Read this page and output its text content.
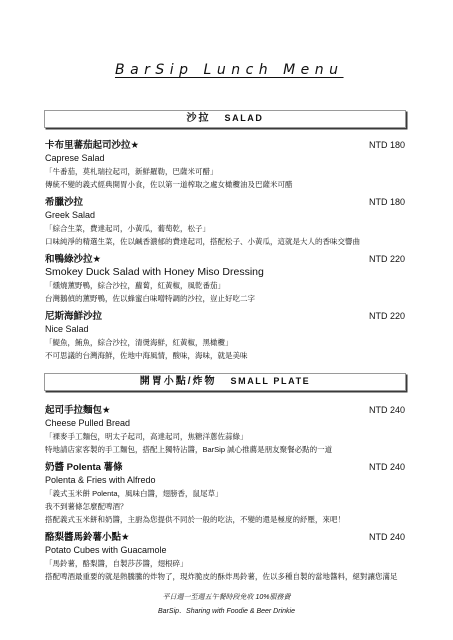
BarSip Lunch Menu
沙拉 SALAD
卡布里蕃茄起司沙拉★	NTD 180
Caprese Salad
「牛番茄，莫札瑞拉起司，新鮮羅勒，巴薩米可醋」
傳統不變的義式經典開胃小食，佐以第一道榨取之處女橄欖油及巴薩米可醋
希臘沙拉	NTD 180
Greek Salad
「綜合生菜，費達起司，小黃瓜，葡萄乾，松子」
口味純淨的精選生菜，佐以鹹香濃郁的費達起司，搭配松子、小黃瓜，這就是大人的香味交響曲
和鴨綠沙拉★	NTD 220
Smokey Duck Salad with Honey Miso Dressing
「燻燒薰野鴨，綜合沙拉，蘿蔔，紅黃椒，風乾番茄」
台灣鵝偵的薰野鴨，佐以蜂蜜白味噌特調的沙拉，豈止好吃二字
尼斯海鮮沙拉	NTD 220
Nice Salad
「鯷魚，鮪魚，綜合沙拉，清燙海鮮，紅黃椒，黑橄欖」
不可思議的台灣海鮮，佐地中海風情，酸味，海味，就是美味
開胃小點/炸物 SMALL PLATE
起司手拉麵包★	NTD 240
Cheese Pulled Bread
「裸麥手工麵包，明太子起司，高達起司，焦糖洋蔥佐蒜綠」
特地請店家客製的手工麵包，搭配上獨特沾醬，BarSip 誠心推薦是朋友聚餐必點的一道
奶醬 Polenta 薯條	NTD 240
Polenta & Fries with Alfredo
「義式玉米餅 Polenta，風味白醬，翅膀香，鼠尾草」
我不到薯條怎麼配啤酒？
搭配義式玉米餅和奶醬，主廚為您提供不同於一般的吃法，不變的還是極度的紓壓，來吧！
酪梨醬馬鈴薯小點★	NTD 240
Potato Cubes with Guacamole
「馬鈴薯，酪梨醬，自製莎莎醬，翅根碎」
搭配啤酒最重要的就是熱騰騰的炸物了，現炸脆皮的酥炸馬鈴薯，佐以多種自製的當地醬料，絕對讓您滿足
平日週一至週五午餐時段免收 10%服務費
BarSip．Sharing with Foodie & Beer Drinkie
